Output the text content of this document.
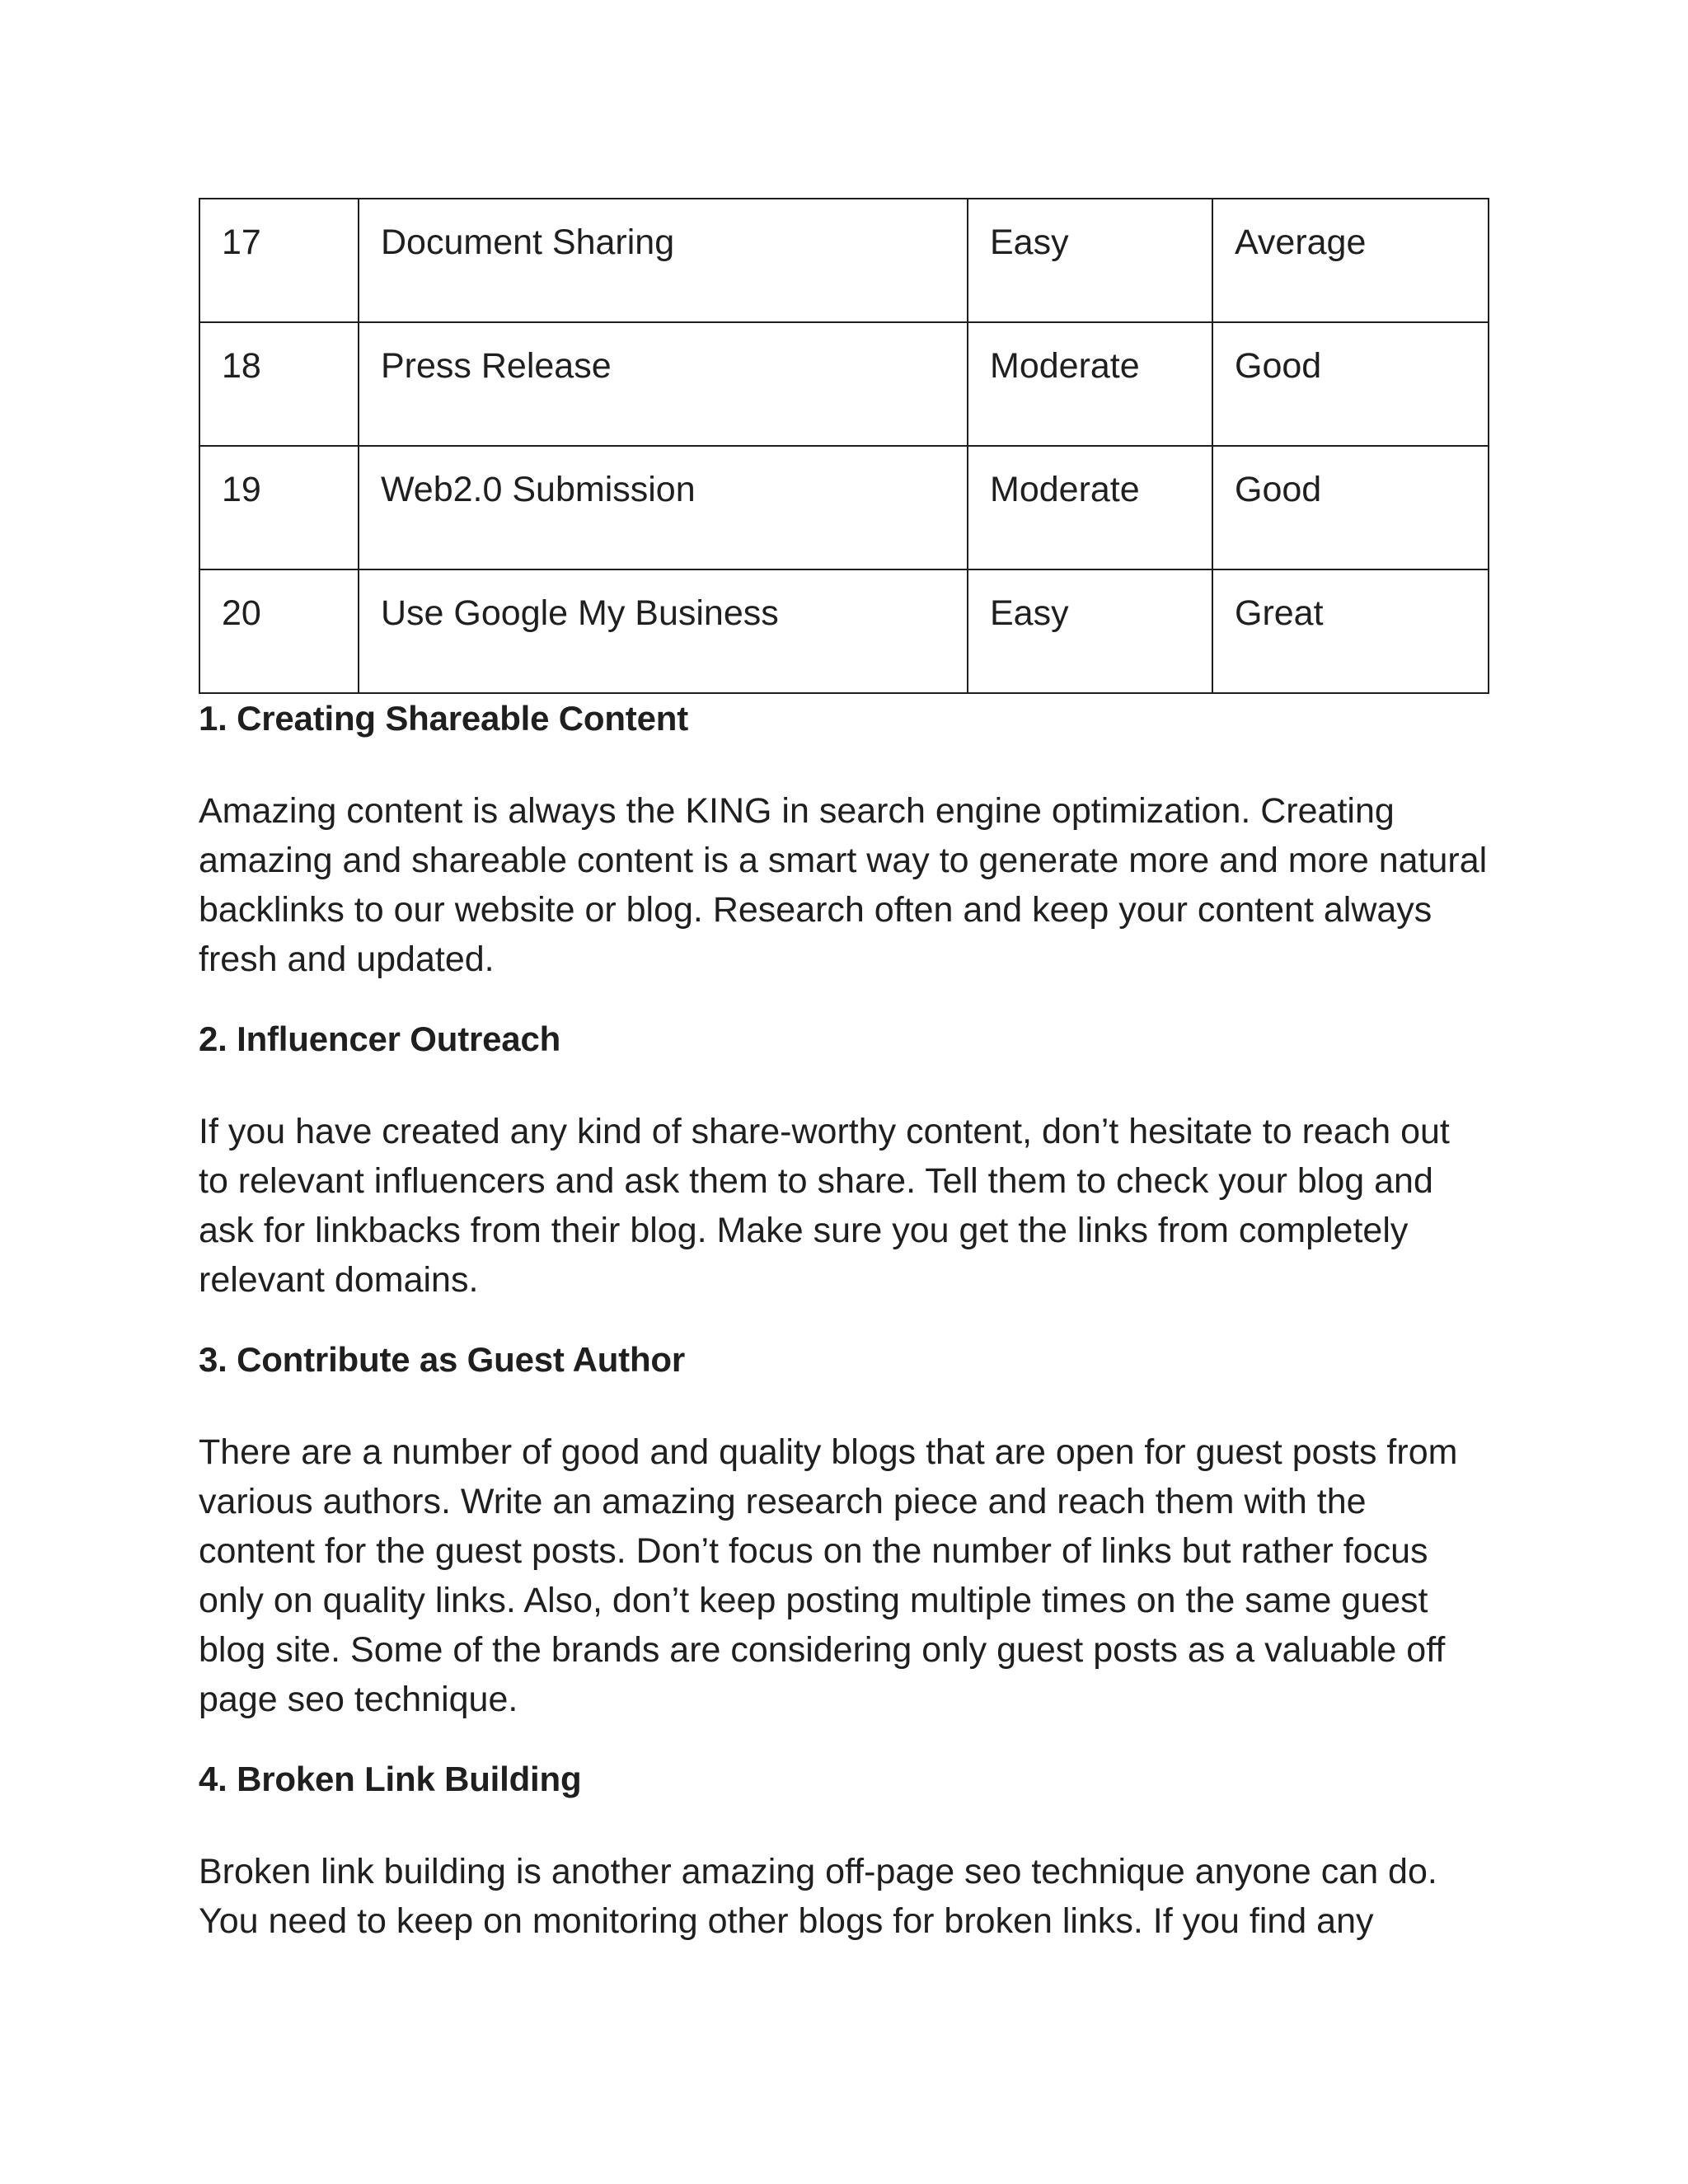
17	Document Sharing	Easy	Average
18	Press Release	Moderate	Good
19	Web2.0 Submission	Moderate	Good
20	Use Google My Business	Easy	Great
1. Creating Shareable Content

Amazing content is always the KING in search engine optimization. Creating amazing and shareable content is a smart way to generate more and more natural backlinks to our website or blog. Research often and keep your content always fresh and updated.

2. Influencer Outreach

If you have created any kind of share-worthy content, don’t hesitate to reach out to relevant influencers and ask them to share. Tell them to check your blog and ask for linkbacks from their blog. Make sure you get the links from completely relevant domains.

3. Contribute as Guest Author

There are a number of good and quality blogs that are open for guest posts from various authors. Write an amazing research piece and reach them with the content for the guest posts. Don’t focus on the number of links but rather focus only on quality links. Also, don’t keep posting multiple times on the same guest blog site. Some of the brands are considering only guest posts as a valuable off page seo technique.

4. Broken Link Building

Broken link building is another amazing off-page seo technique anyone can do. You need to keep on monitoring other blogs for broken links. If you find any
